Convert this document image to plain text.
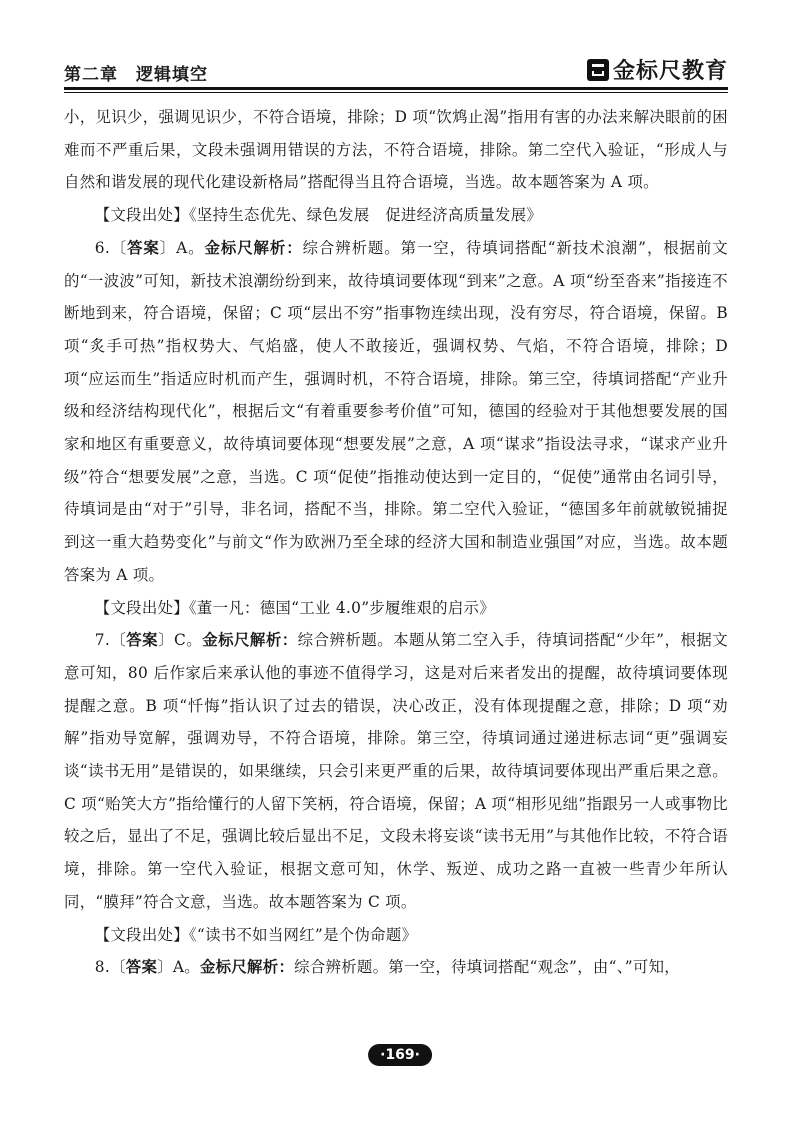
第二章　逻辑填空	金标尺教育

小，见识少，强调见识少，不符合语境，排除；D 项“饮鸩止渴”指用有害的办法来解决眼前的困难而不严重后果，文段未强调用错误的方法，不符合语境，排除。第二空代入验证，“形成人与自然和谐发展的现代化建设新格局”搭配得当且符合语境，当选。故本题答案为 A 项。

【文段出处】《坚持生态优先、绿色发展　促进经济高质量发展》

6.〔答案〕A。金标尺解析：综合辨析题。第一空，待填词搭配“新技术浪潮”，根据前文的“一波波”可知，新技术浪潮纷纷到来，故待填词要体现“到来”之意。A 项“纷至沓来”指接连不断地到来，符合语境，保留；C 项“层出不穷”指事物连续出现，没有穷尽，符合语境，保留。B 项“炙手可热”指权势大、气焰盛，使人不敢接近，强调权势、气焰，不符合语境，排除；D 项“应运而生”指适应时机而产生，强调时机，不符合语境，排除。第三空，待填词搭配“产业升级和经济结构现代化”，根据后文“有着重要参考价值”可知，德国的经验对于其他想要发展的国家和地区有重要意义，故待填词要体现“想要发展”之意，A 项“谋求”指设法寻求，“谋求产业升级”符合“想要发展”之意，当选。C 项“促使”指推动使达到一定目的，“促使”通常由名词引导，待填词是由“对于”引导，非名词，搭配不当，排除。第二空代入验证，“德国多年前就敏锐捕捉到这一重大趋势变化”与前文“作为欧洲乃至全球的经济大国和制造业强国”对应，当选。故本题答案为 A 项。

【文段出处】《董一凡：德国“工业 4.0”步履维艰的启示》

7.〔答案〕C。金标尺解析：综合辨析题。本题从第二空入手，待填词搭配“少年”，根据文意可知，80 后作家后来承认他的事迹不值得学习，这是对后来者发出的提醒，故待填词要体现提醒之意。B 项“忏悔”指认识了过去的错误，决心改正，没有体现提醒之意，排除；D 项“劝解”指劝导宽解，强调劝导，不符合语境，排除。第三空，待填词通过递进标志词“更”强调妄谈“读书无用”是错误的，如果继续，只会引来更严重的后果，故待填词要体现出严重后果之意。C 项“贻笑大方”指给懂行的人留下笑柄，符合语境，保留；A 项“相形见绌”指跟另一人或事物比较之后，显出了不足，强调比较后显出不足，文段未将妄谈“读书无用”与其他作比较，不符合语境，排除。第一空代入验证，根据文意可知，休学、叛逆、成功之路一直被一些青少年所认同，“膜拜”符合文意，当选。故本题答案为 C 项。

【文段出处】《“读书不如当网红”是个伪命题》

8.〔答案〕A。金标尺解析：综合辨析题。第一空，待填词搭配“观念”，由“、”可知，

·169·
